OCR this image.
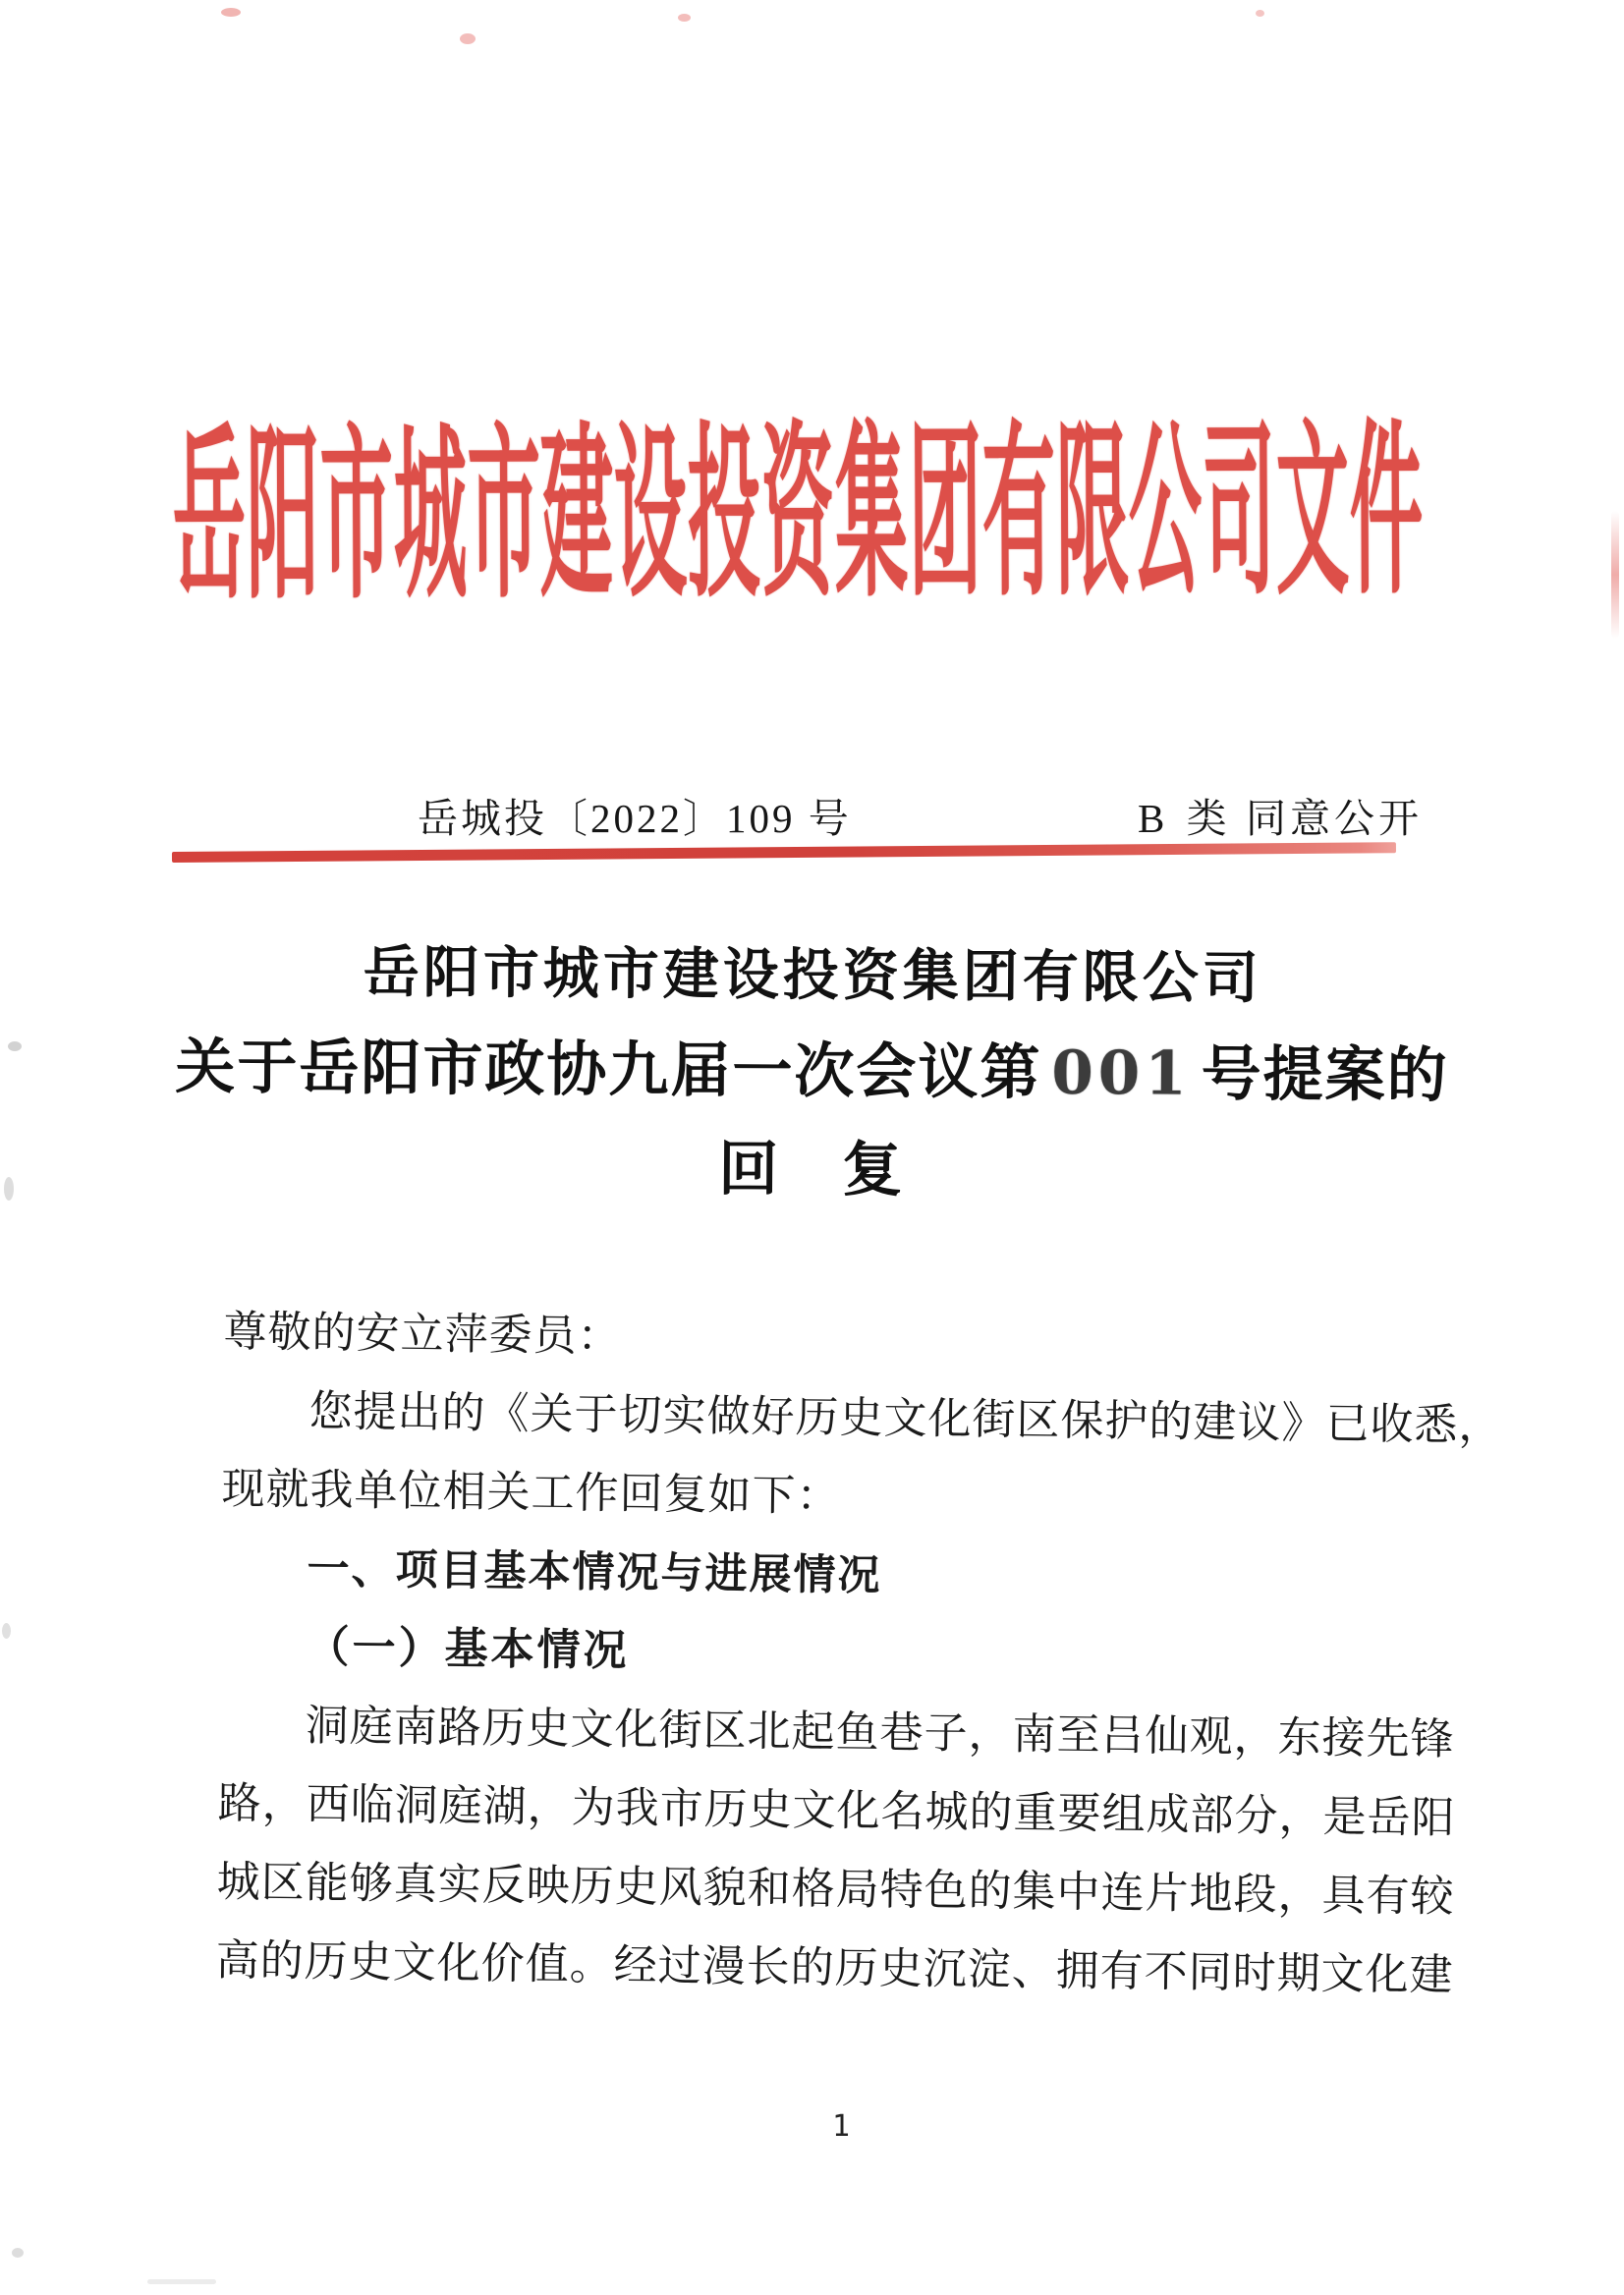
岳 阳 市 城 市 建 设 投 资 集 团 有 限 公 司 文 件
岳城投〔2022〕109 号	B 类 同意公开
岳阳市城市建设投资集团有限公司
关于岳阳市政协九届一次会议第 001 号提案的
回　复
尊敬的安立萍委员：
您提出的《关于切实做好历史文化街区保护的建议》已收悉，
现就我单位相关工作回复如下：
一、项目基本情况与进展情况
（一）基本情况
洞庭南路历史文化街区北起鱼巷子，南至吕仙观，东接先锋
路，西临洞庭湖，为我市历史文化名城的重要组成部分，是岳阳
城区能够真实反映历史风貌和格局特色的集中连片地段，具有较
高的历史文化价值。经过漫长的历史沉淀、拥有不同时期文化建
1
